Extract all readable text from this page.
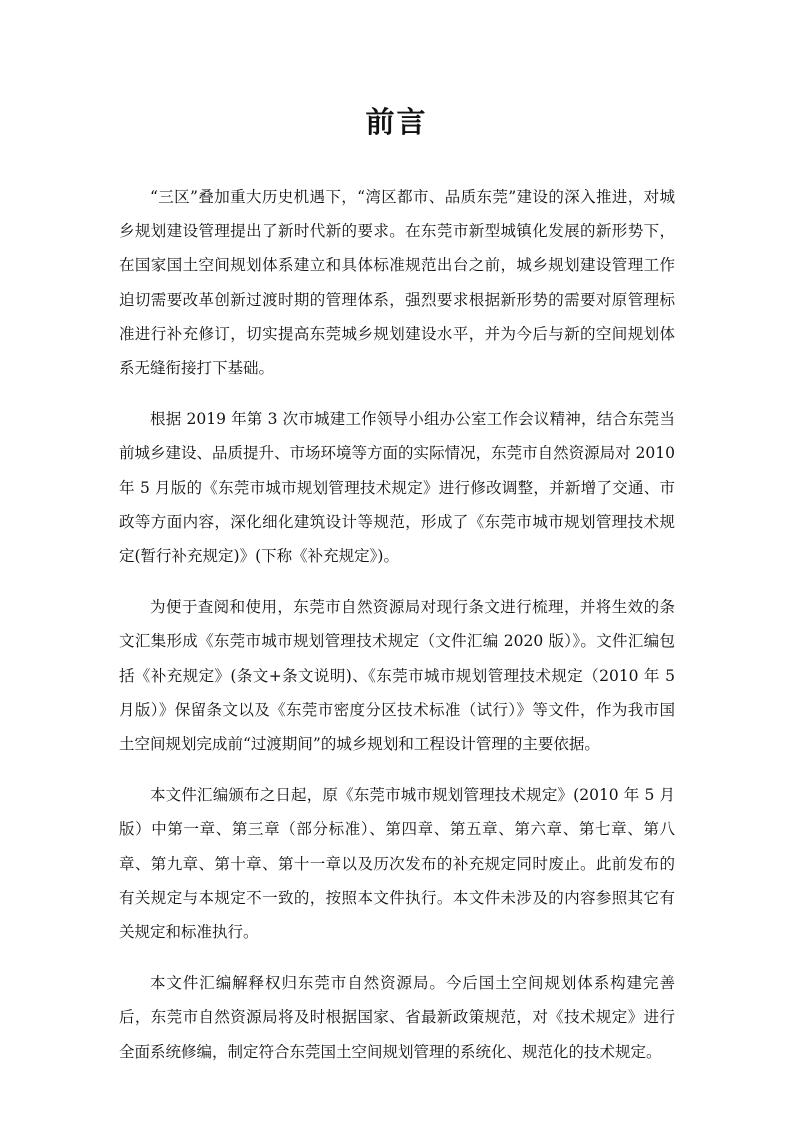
前言

“三区”叠加重大历史机遇下，“湾区都市、品质东莞”建设的深入推进，对城乡规划建设管理提出了新时代新的要求。在东莞市新型城镇化发展的新形势下，在国家国土空间规划体系建立和具体标准规范出台之前，城乡规划建设管理工作迫切需要改革创新过渡时期的管理体系，强烈要求根据新形势的需要对原管理标准进行补充修订，切实提高东莞城乡规划建设水平，并为今后与新的空间规划体系无缝衔接打下基础。

根据 2019 年第 3 次市城建工作领导小组办公室工作会议精神，结合东莞当前城乡建设、品质提升、市场环境等方面的实际情况，东莞市自然资源局对 2010 年 5 月版的《东莞市城市规划管理技术规定》进行修改调整，并新增了交通、市政等方面内容，深化细化建筑设计等规范，形成了《东莞市城市规划管理技术规定(暂行补充规定)》(下称《补充规定》)。

为便于查阅和使用，东莞市自然资源局对现行条文进行梳理，并将生效的条文汇集形成《东莞市城市规划管理技术规定（文件汇编 2020 版）》。文件汇编包括《补充规定》(条文+条文说明)、《东莞市城市规划管理技术规定（2010 年 5 月版）》保留条文以及《东莞市密度分区技术标准（试行）》等文件，作为我市国土空间规划完成前“过渡期间”的城乡规划和工程设计管理的主要依据。

本文件汇编颁布之日起，原《东莞市城市规划管理技术规定》(2010 年 5 月版）中第一章、第三章（部分标准）、第四章、第五章、第六章、第七章、第八章、第九章、第十章、第十一章以及历次发布的补充规定同时废止。此前发布的有关规定与本规定不一致的，按照本文件执行。本文件未涉及的内容参照其它有关规定和标准执行。

本文件汇编解释权归东莞市自然资源局。今后国土空间规划体系构建完善后，东莞市自然资源局将及时根据国家、省最新政策规范，对《技术规定》进行全面系统修编，制定符合东莞国土空间规划管理的系统化、规范化的技术规定。
